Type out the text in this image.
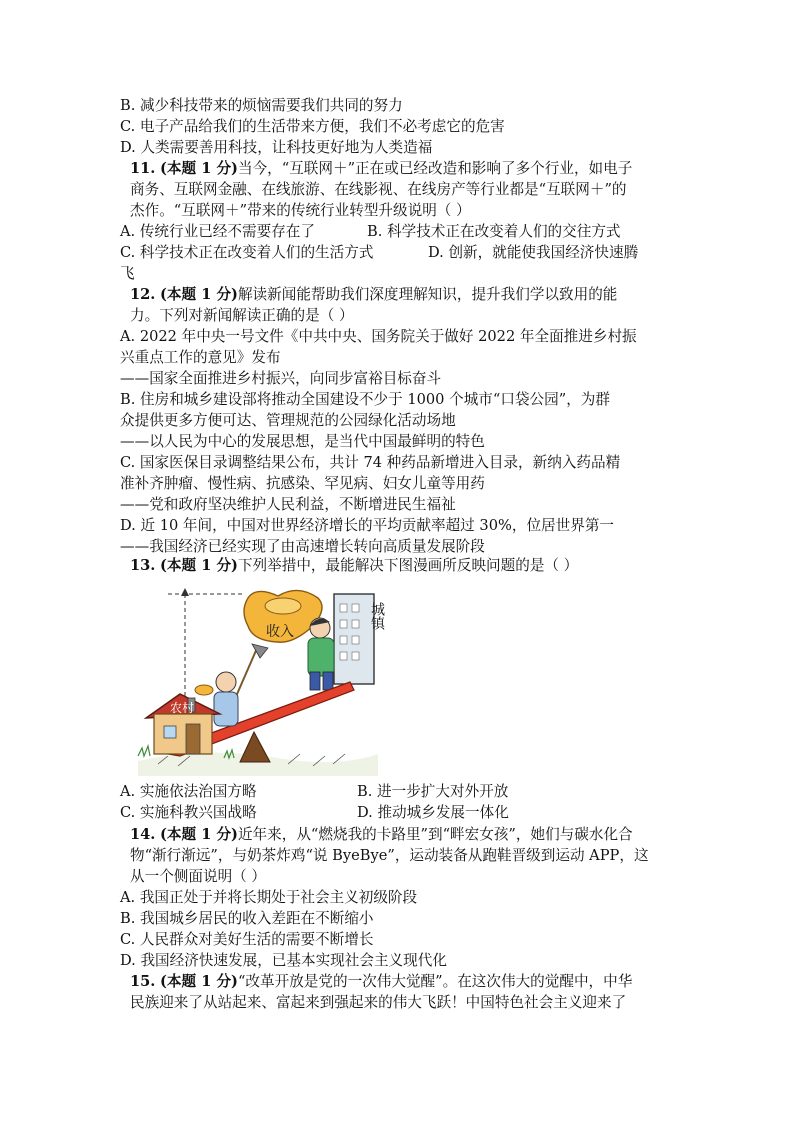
B. 减少科技带来的烦恼需要我们共同的努力
C. 电子产品给我们的生活带来方便，我们不必考虑它的危害
D. 人类需要善用科技，让科技更好地为人类造福
11. (本题 1 分)当今，“互联网＋”正在或已经改造和影响了多个行业，如电子
商务、互联网金融、在线旅游、在线影视、在线房产等行业都是“互联网＋”的
杰作。“互联网＋”带来的传统行业转型升级说明（ ）
A. 传统行业已经不需要存在了	B. 科学技术正在改变着人们的交往方式
C. 科学技术正在改变着人们的生活方式	D. 创新，就能使我国经济快速腾
飞
12. (本题 1 分)解读新闻能帮助我们深度理解知识，提升我们学以致用的能
力。下列对新闻解读正确的是（ ）
A. 2022 年中央一号文件《中共中央、国务院关于做好 2022 年全面推进乡村振
兴重点工作的意见》发布
——国家全面推进乡村振兴，向同步富裕目标奋斗
B. 住房和城乡建设部将推动全国建设不少于 1000 个城市“口袋公园”，为群
众提供更多方便可达、管理规范的公园绿化活动场地
——以人民为中心的发展思想，是当代中国最鲜明的特色
C. 国家医保目录调整结果公布，共计 74 种药品新增进入目录，新纳入药品精
准补齐肿瘤、慢性病、抗感染、罕见病、妇女儿童等用药
——党和政府坚决维护人民利益，不断增进民生福祉
D. 近 10 年间，中国对世界经济增长的平均贡献率超过 30%，位居世界第一
——我国经济已经实现了由高速增长转向高质量发展阶段
13. (本题 1 分)下列举措中，最能解决下图漫画所反映问题的是（ ）
城镇
收入
农村
A. 实施依法治国方略	B. 进一步扩大对外开放
C. 实施科教兴国战略	D. 推动城乡发展一体化
14. (本题 1 分)近年来，从“燃烧我的卡路里”到“畔宏女孩”，她们与碳水化合
物“渐行渐远”，与奶茶炸鸡“说 ByeBye”，运动装备从跑鞋晋级到运动 APP，这
从一个侧面说明（ ）
A. 我国正处于并将长期处于社会主义初级阶段
B. 我国城乡居民的收入差距在不断缩小
C. 人民群众对美好生活的需要不断增长
D. 我国经济快速发展，已基本实现社会主义现代化
15. (本题 1 分)“改革开放是党的一次伟大觉醒”。在这次伟大的觉醒中，中华
民族迎来了从站起来、富起来到强起来的伟大飞跃！中国特色社会主义迎来了
